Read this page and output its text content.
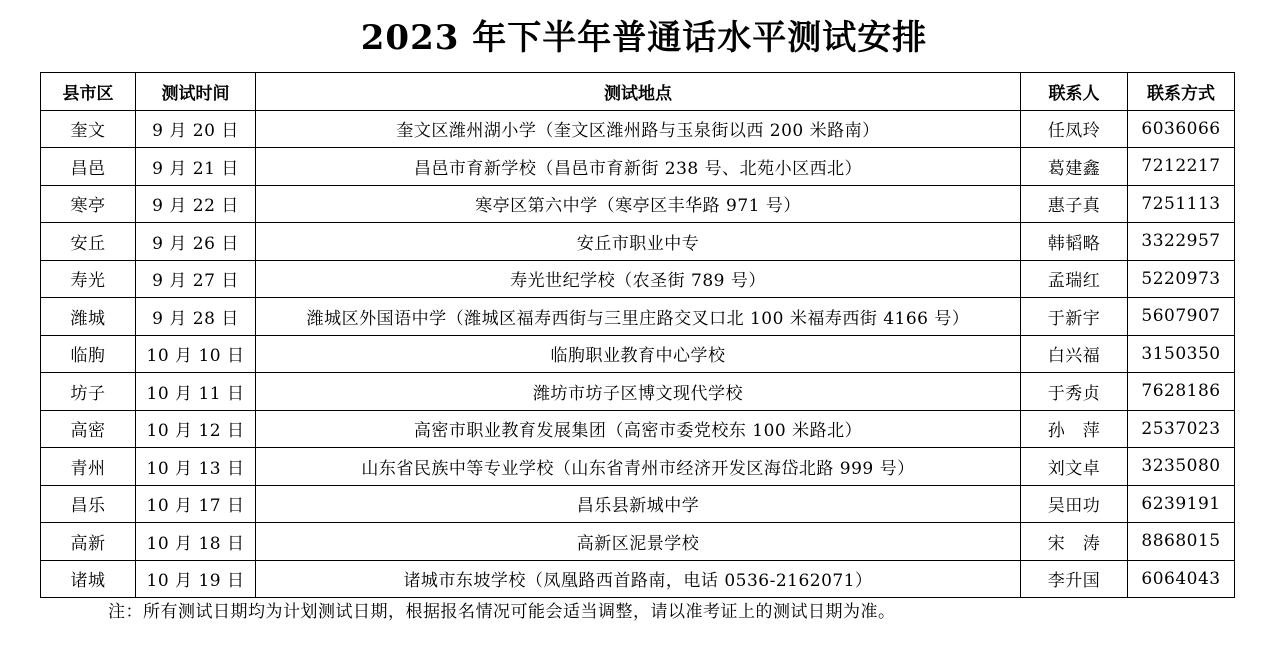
2023 年下半年普通话水平测试安排
县市区	测试时间	测试地点	联系人	联系方式
奎文	9 月 20 日	奎文区潍州湖小学（奎文区潍州路与玉泉街以西 200 米路南）	任凤玲	6036066
昌邑	9 月 21 日	昌邑市育新学校（昌邑市育新街 238 号、北苑小区西北）	葛建鑫	7212217
寒亭	9 月 22 日	寒亭区第六中学（寒亭区丰华路 971 号）	惠子真	7251113
安丘	9 月 26 日	安丘市职业中专	韩韬略	3322957
寿光	9 月 27 日	寿光世纪学校（农圣街 789 号）	孟瑞红	5220973
潍城	9 月 28 日	潍城区外国语中学（潍城区福寿西街与三里庄路交叉口北 100 米福寿西街 4166 号）	于新宇	5607907
临朐	10 月 10 日	临朐职业教育中心学校	白兴福	3150350
坊子	10 月 11 日	潍坊市坊子区博文现代学校	于秀贞	7628186
高密	10 月 12 日	高密市职业教育发展集团（高密市委党校东 100 米路北）	孙　萍	2537023
青州	10 月 13 日	山东省民族中等专业学校（山东省青州市经济开发区海岱北路 999 号）	刘文卓	3235080
昌乐	10 月 17 日	昌乐县新城中学	吴田功	6239191
高新	10 月 18 日	高新区泥景学校	宋　涛	8868015
诸城	10 月 19 日	诸城市东坡学校（凤凰路西首路南，电话 0536-2162071）	李升国	6064043
注：所有测试日期均为计划测试日期，根据报名情况可能会适当调整，请以准考证上的测试日期为准。
